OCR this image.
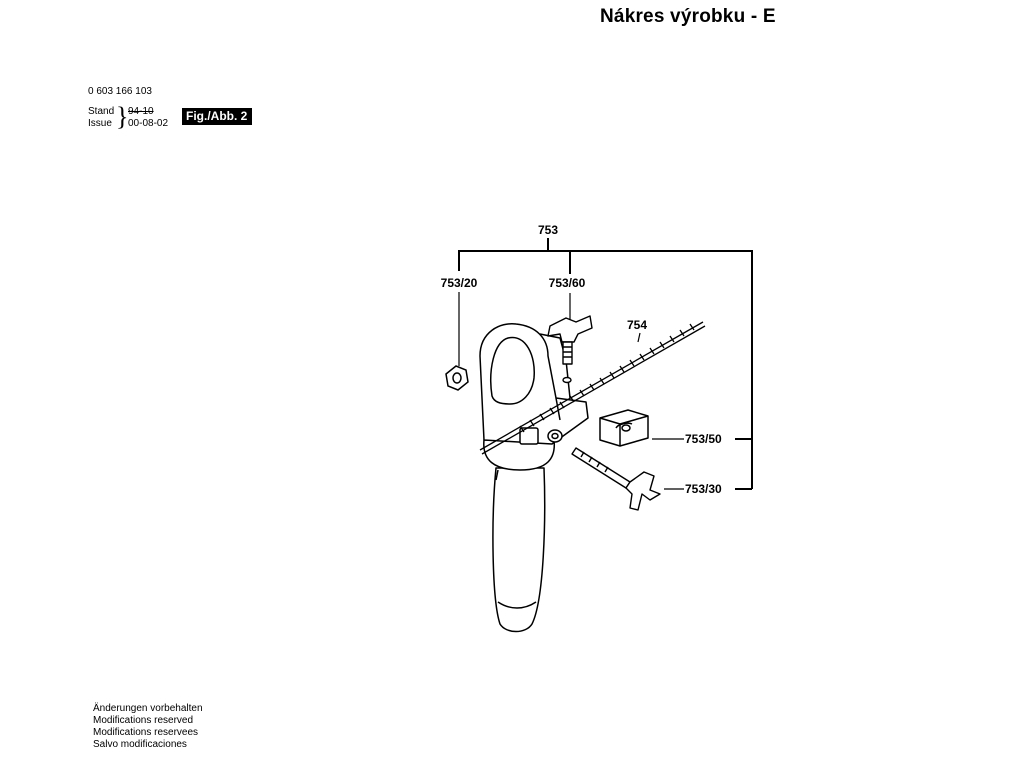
Nákres výrobku - E
0 603 166 103
Stand 94-10
Issue 00-08-02
}	Fig./Abb. 2
753
753/20	753/60
754
753/50
753/30
Änderungen vorbehalten
Modifications reserved
Modifications reservees
Salvo modificaciones
